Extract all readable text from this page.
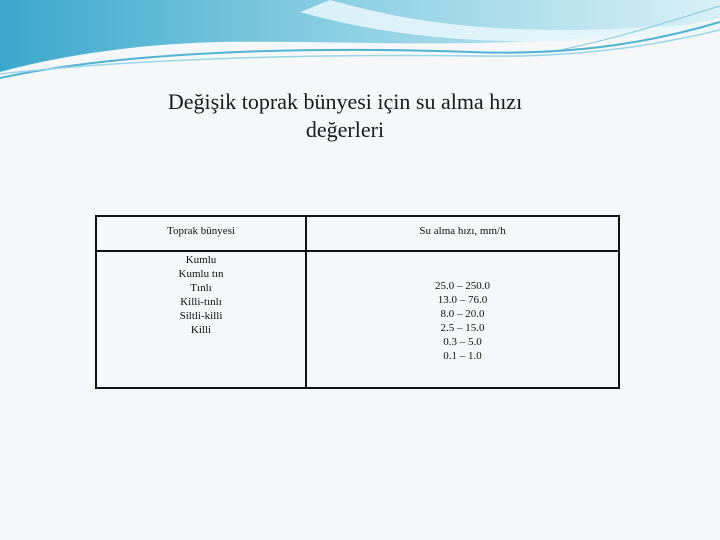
Değişik toprak bünyesi için su alma hızı
değerleri
Toprak bünyesi	Su alma hızı, mm/h
Kumlu
Kumlu tın
Tınlı
Killi-tınlı
Siltli-killi
Killi
25.0 – 250.0
13.0 – 76.0
8.0 – 20.0
2.5 – 15.0
0.3 – 5.0
0.1 – 1.0
